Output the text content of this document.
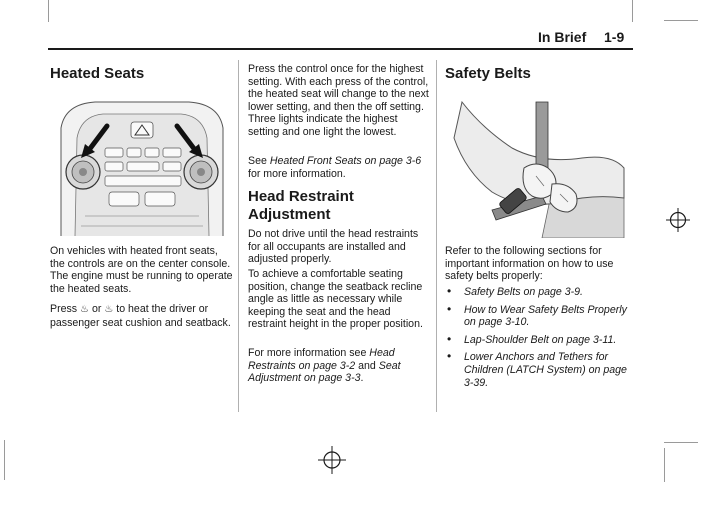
In Brief 1-9
Heated Seats

On vehicles with heated front seats, the controls are on the center console. The engine must be running to operate the heated seats.

Press ♨ or ♨ to heat the driver or passenger seat cushion and seatback.

Press the control once for the highest setting. With each press of the control, the heated seat will change to the next lower setting, and then the off setting. Three lights indicate the highest setting and one light the lowest.

See Heated Front Seats on page 3-6 for more information.

Head Restraint Adjustment

Do not drive until the head restraints for all occupants are installed and adjusted properly.

To achieve a comfortable seating position, change the seatback recline angle as little as necessary while keeping the seat and the head restraint height in the proper position.

For more information see Head Restraints on page 3-2 and Seat Adjustment on page 3-3.

Safety Belts

Refer to the following sections for important information on how to use safety belts properly:

• Safety Belts on page 3-9.
• How to Wear Safety Belts Properly on page 3-10.
• Lap-Shoulder Belt on page 3-11.
• Lower Anchors and Tethers for Children (LATCH System) on page 3-39.
